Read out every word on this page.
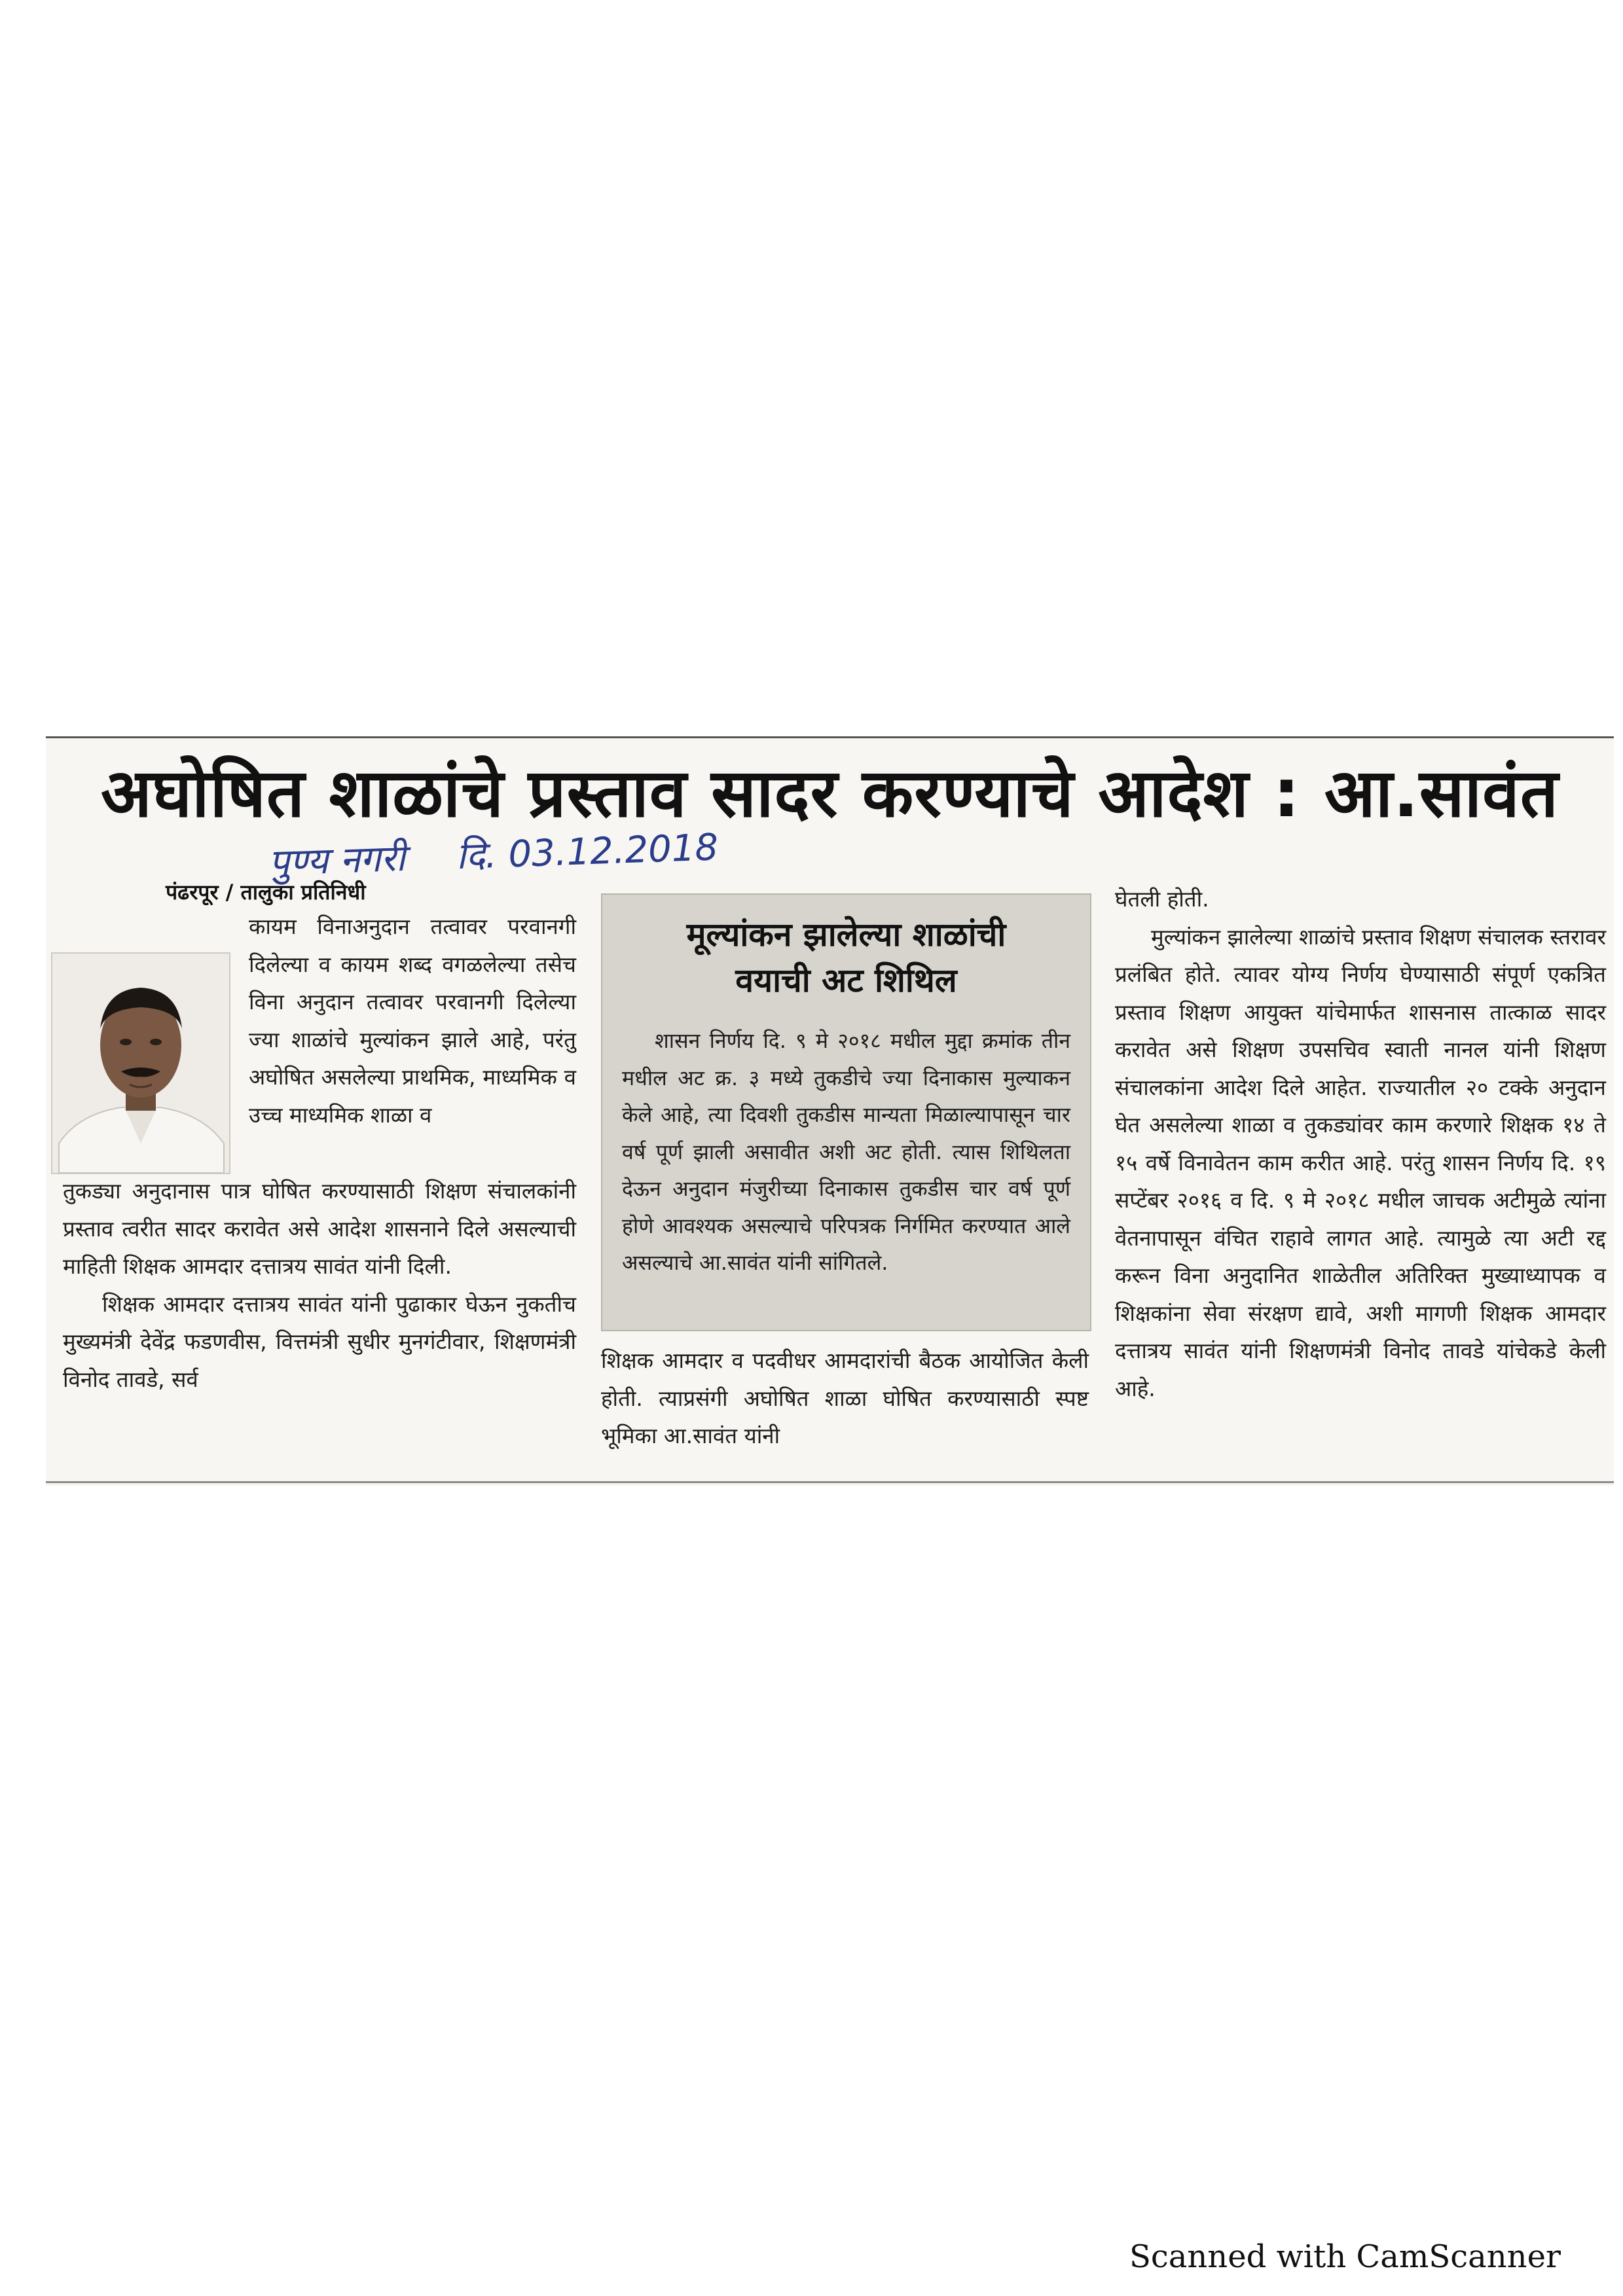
अघोषित शाळांचे प्रस्ताव सादर करण्याचे आदेश : आ.सावंत
पुण्य नगरी दि. 03.12.2018
पंढरपूर / तालुका प्रतिनिधी

कायम विनाअनुदान तत्वावर परवानगी दिलेल्या व कायम शब्द वगळलेल्या तसेच विना अनुदान तत्वावर परवानगी दिलेल्या ज्या शाळांचे मुल्यांकन झाले आहे, परंतु अघोषित असलेल्या प्राथमिक, माध्यमिक व उच्च माध्यमिक शाळा व

तुकड्या अनुदानास पात्र घोषित करण्यासाठी शिक्षण संचालकांनी प्रस्ताव त्वरीत सादर करावेत असे आदेश शासनाने दिले असल्याची माहिती शिक्षक आमदार दत्तात्रय सावंत यांनी दिली.

शिक्षक आमदार दत्तात्रय सावंत यांनी पुढाकार घेऊन नुकतीच मुख्यमंत्री देवेंद्र फडणवीस, वित्तमंत्री सुधीर मुनगंटीवार, शिक्षणमंत्री विनोद तावडे, सर्व

मूल्यांकन झालेल्या शाळांची
वयाची अट शिथिल

शासन निर्णय दि. ९ मे २०१८ मधील मुद्दा क्रमांक तीन मधील अट क्र. ३ मध्ये तुकडीचे ज्या दिनाकास मुल्याकन केले आहे, त्या दिवशी तुकडीस मान्यता मिळाल्यापासून चार वर्ष पूर्ण झाली असावीत अशी अट होती. त्यास शिथिलता देऊन अनुदान मंजुरीच्या दिनाकास तुकडीस चार वर्ष पूर्ण होणे आवश्यक असल्याचे परिपत्रक निर्गमित करण्यात आले असल्याचे आ.सावंत यांनी सांगितले.

शिक्षक आमदार व पदवीधर आमदारांची बैठक आयोजित केली होती. त्याप्रसंगी अघोषित शाळा घोषित करण्यासाठी स्पष्ट भूमिका आ.सावंत यांनी

घेतली होती.

मुल्यांकन झालेल्या शाळांचे प्रस्ताव शिक्षण संचालक स्तरावर प्रलंबित होते. त्यावर योग्य निर्णय घेण्यासाठी संपूर्ण एकत्रित प्रस्ताव शिक्षण आयुक्त यांचेमार्फत शासनास तात्काळ सादर करावेत असे शिक्षण उपसचिव स्वाती नानल यांनी शिक्षण संचालकांना आदेश दिले आहेत. राज्यातील २० टक्के अनुदान घेत असलेल्या शाळा व तुकड्यांवर काम करणारे शिक्षक १४ ते १५ वर्षे विनावेतन काम करीत आहे. परंतु शासन निर्णय दि. १९ सप्टेंबर २०१६ व दि. ९ मे २०१८ मधील जाचक अटीमुळे त्यांना वेतनापासून वंचित राहावे लागत आहे. त्यामुळे त्या अटी रद्द करून विना अनुदानित शाळेतील अतिरिक्त मुख्याध्यापक व शिक्षकांना सेवा संरक्षण द्यावे, अशी मागणी शिक्षक आमदार दत्तात्रय सावंत यांनी शिक्षणमंत्री विनोद तावडे यांचेकडे केली आहे.

Scanned with CamScanner
